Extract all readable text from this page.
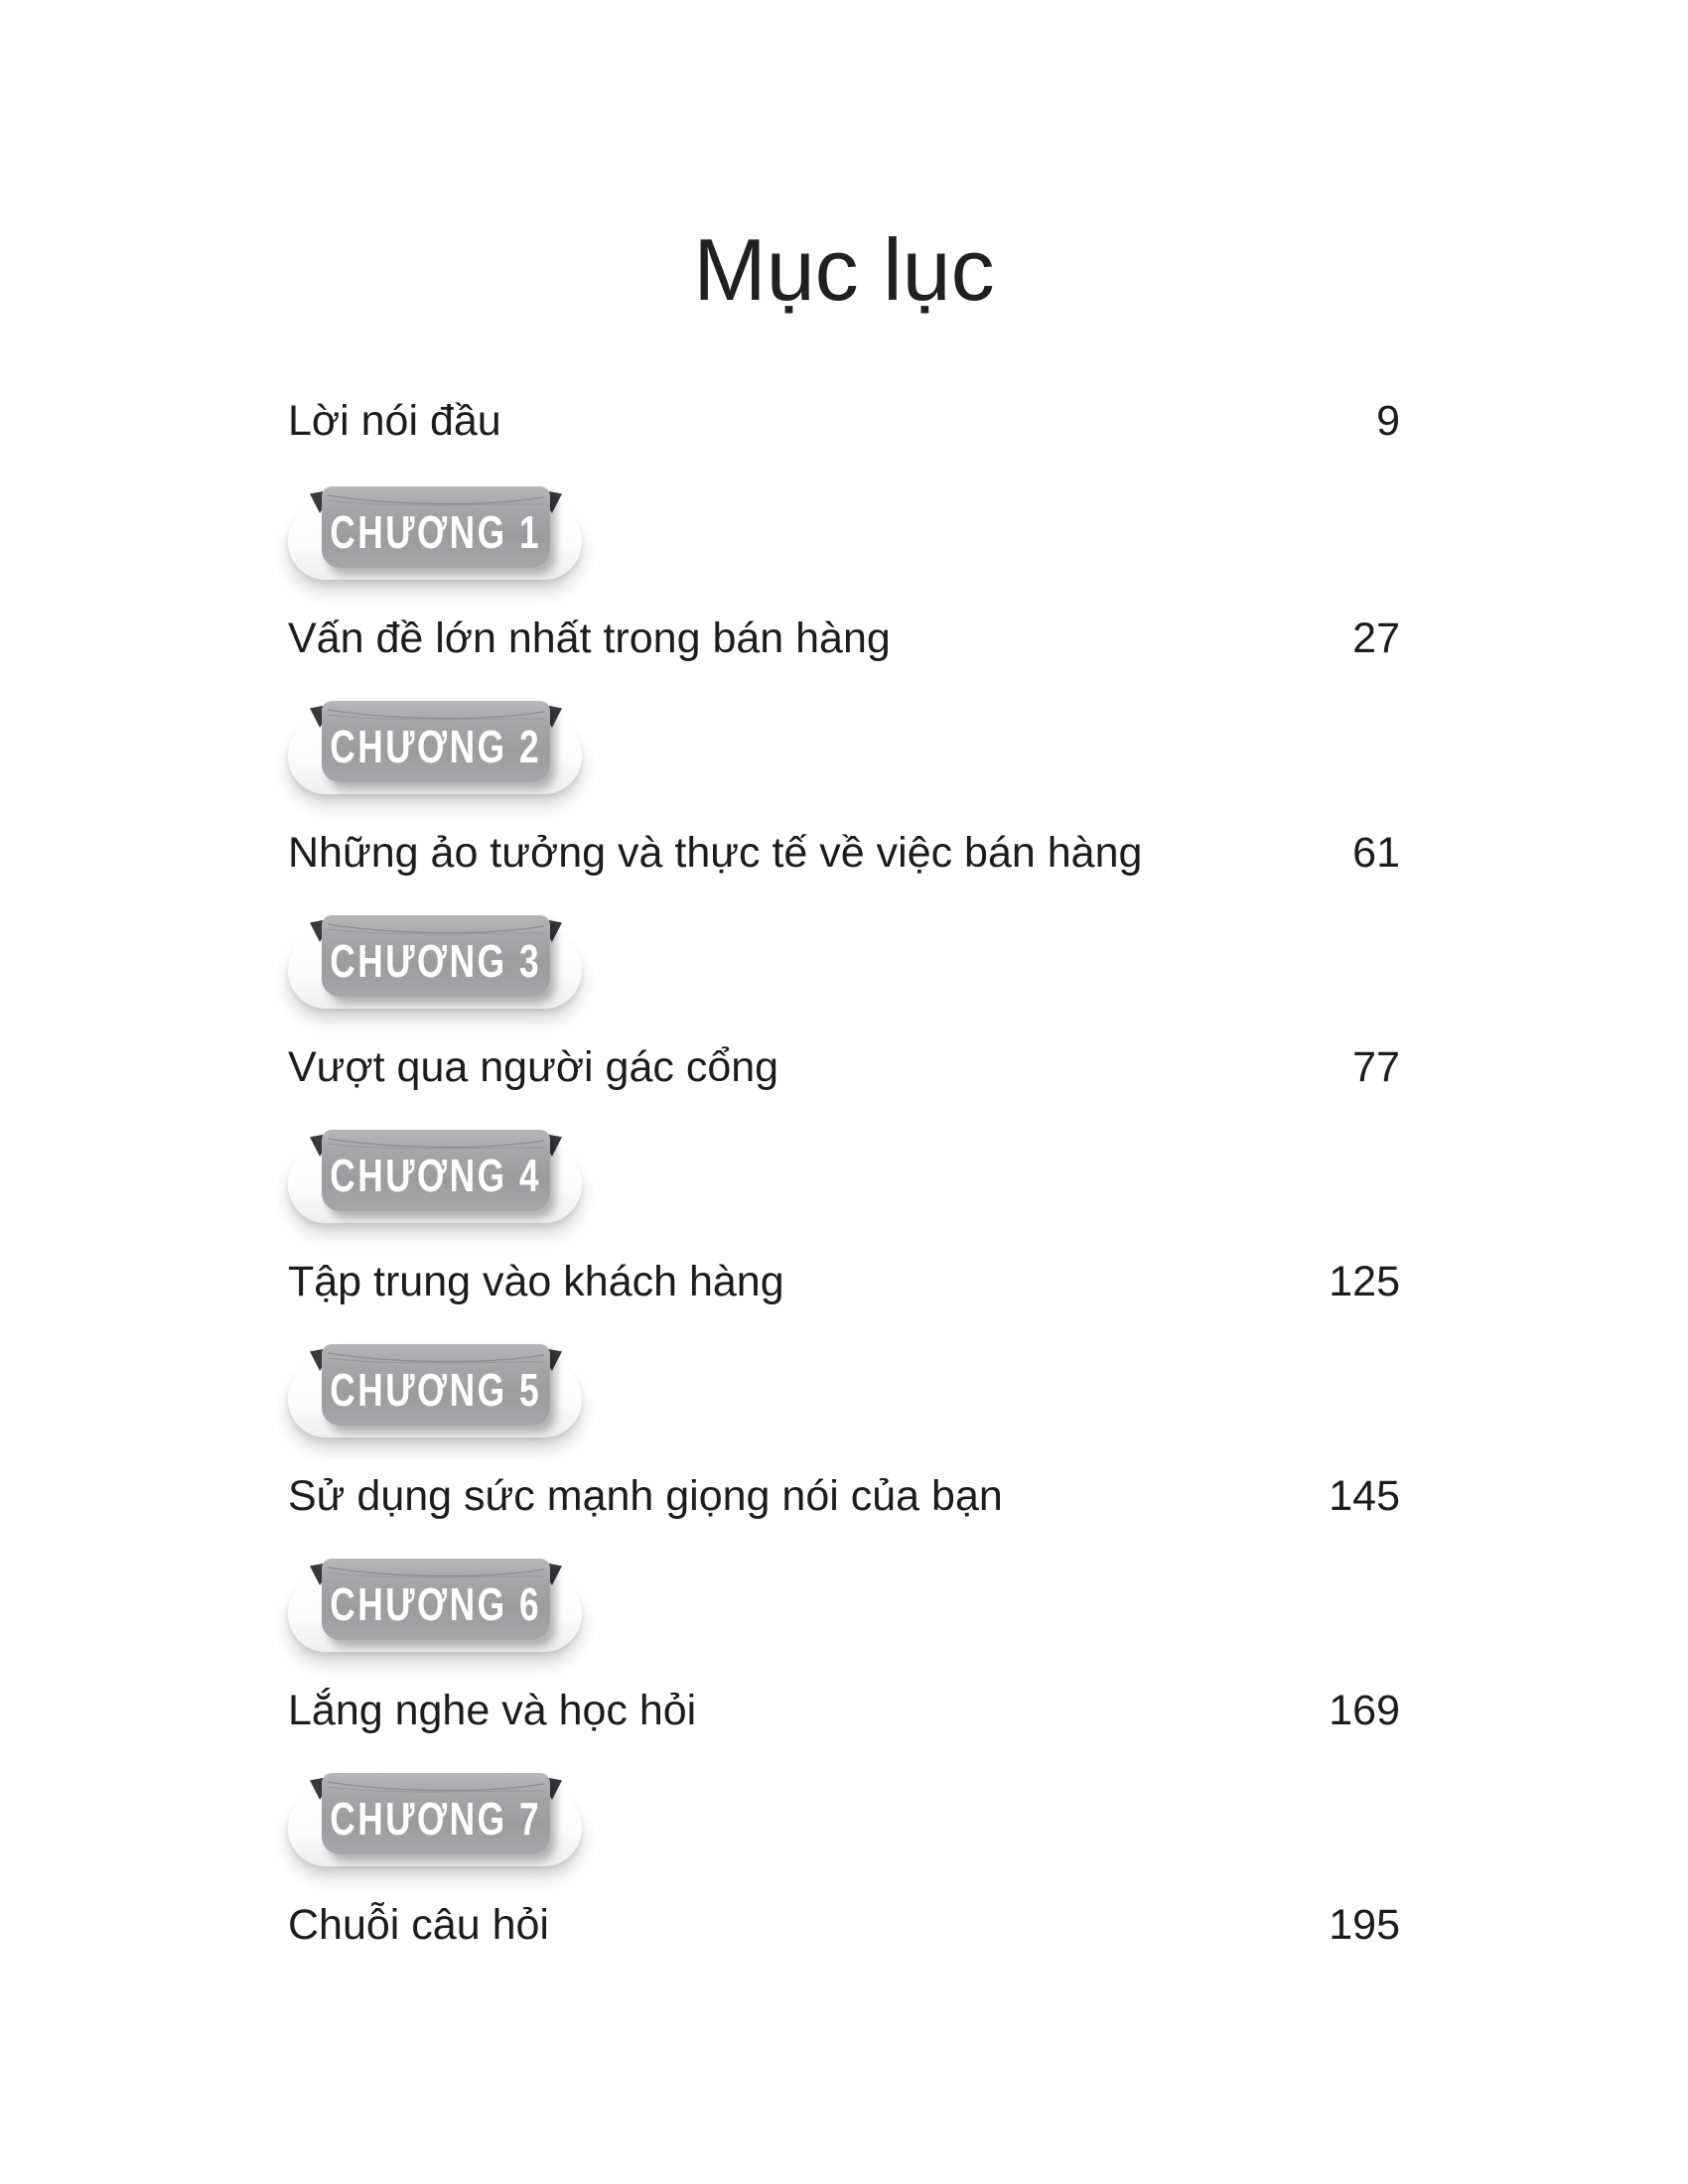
Mục lục
Lời nói đầu	9
CHƯƠNG 1
Vấn đề lớn nhất trong bán hàng	27
CHƯƠNG 2
Những ảo tưởng và thực tế về việc bán hàng	61
CHƯƠNG 3
Vượt qua người gác cổng	77
CHƯƠNG 4
Tập trung vào khách hàng	125
CHƯƠNG 5
Sử dụng sức mạnh giọng nói của bạn	145
CHƯƠNG 6
Lắng nghe và học hỏi	169
CHƯƠNG 7
Chuỗi câu hỏi	195
